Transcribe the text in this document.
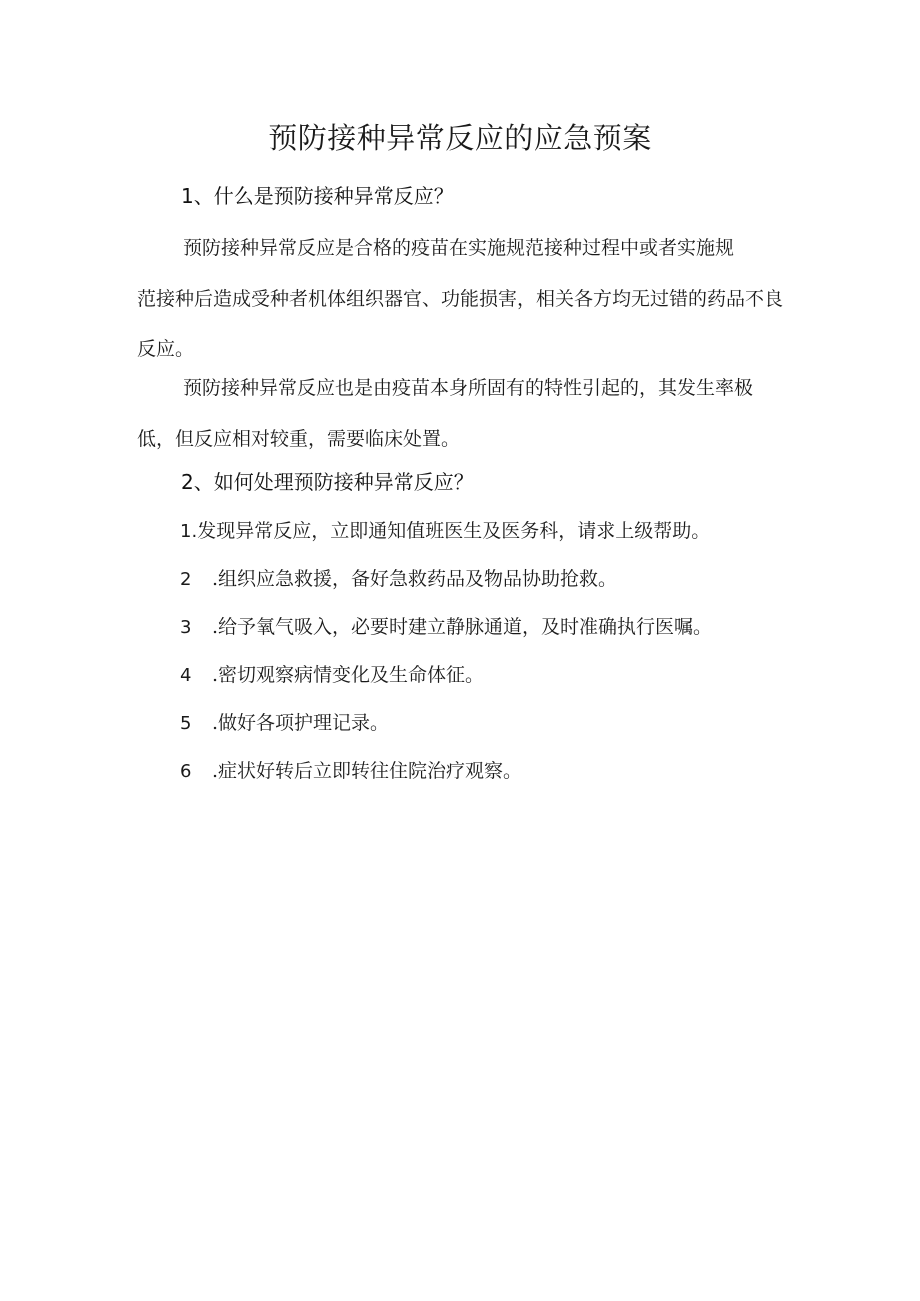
预防接种异常反应的应急预案
1、什么是预防接种异常反应？

预防接种异常反应是合格的疫苗在实施规范接种过程中或者实施规
范接种后造成受种者机体组织器官、功能损害，相关各方均无过错的药品不良反应。

预防接种异常反应也是由疫苗本身所固有的特性引起的，其发生率极
低，但反应相对较重，需要临床处置。

2、如何处理预防接种异常反应？

1.发现异常反应，立即通知值班医生及医务科，请求上级帮助。

2 .组织应急救援，备好急救药品及物品协助抢救。

3 .给予氧气吸入，必要时建立静脉通道，及时准确执行医嘱。

4 .密切观察病情变化及生命体征。

5 .做好各项护理记录。

6 .症状好转后立即转往住院治疗观察。
